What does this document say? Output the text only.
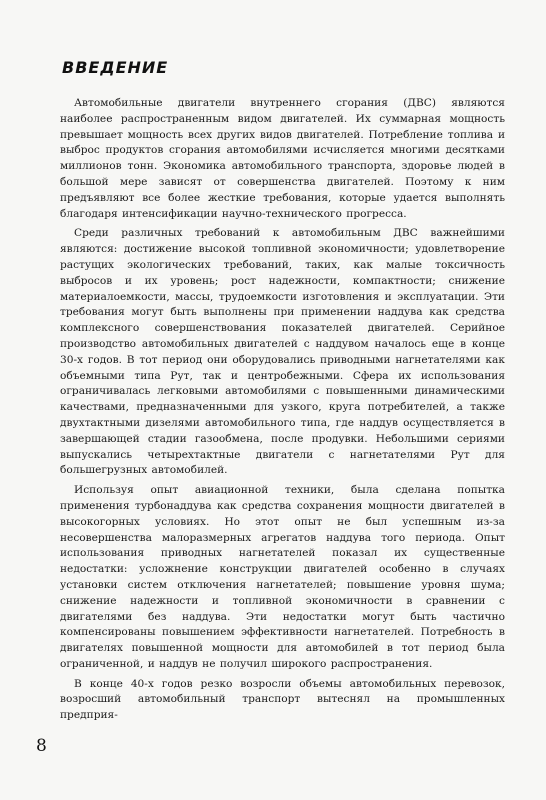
ВВЕДЕНИЕ

Автомобильные двигатели внутреннего сгорания (ДВС) являются наиболее распространенным видом двигателей. Их суммарная мощность превышает мощность всех других видов двигателей. Потребление топлива и выброс продуктов сгорания автомобилями исчисляется многими десятками миллионов тонн. Экономика автомобильного транспорта, здоровье людей в большой мере зависят от совершенства двигателей. Поэтому к ним предъявляют все более жесткие требования, которые удается выполнять благодаря интенсификации научно-технического прогресса.

Среди различных требований к автомобильным ДВС важнейшими являются: достижение высокой топливной экономичности; удовлетворение растущих экологических требований, таких, как малые токсичность выбросов и их уровень; рост надежности, компактности; снижение материалоемкости, массы, трудоемкости изготовления и эксплуатации. Эти требования могут быть выполнены при применении наддува как средства комплексного совершенствования показателей двигателей. Серийное производство автомобильных двигателей с наддувом началось еще в конце 30-х годов. В тот период они оборудовались приводными нагнетателями как объемными типа Рут, так и центробежными. Сфера их использования ограничивалась легковыми автомобилями с повышенными динамическими качествами, предназначенными для узкого, круга потребителей, а также двухтактными дизелями автомобильного типа, где наддув осуществляется в завершающей стадии газообмена, после продувки. Небольшими сериями выпускались четырехтактные двигатели с нагнетателями Рут для большегрузных автомобилей.

Используя опыт авиационной техники, была сделана попытка применения турбонаддува как средства сохранения мощности двигателей в высокогорных условиях. Но этот опыт не был успешным из-за несовершенства малоразмерных агрегатов наддува того периода. Опыт использования приводных нагнетателей показал их существенные недостатки: усложнение конструкции двигателей особенно в случаях установки систем отключения нагнетателей; повышение уровня шума; снижение надежности и топливной экономичности в сравнении с двигателями без наддува. Эти недостатки могут быть частично компенсированы повышением эффективности нагнетателей. Потребность в двигателях повышенной мощности для автомобилей в тот период была ограниченной, и наддув не получил широкого распространения.

В конце 40-х годов резко возросли объемы автомобильных перевозок, возросший автомобильный транспорт вытеснял на промышленных предприя-

8
